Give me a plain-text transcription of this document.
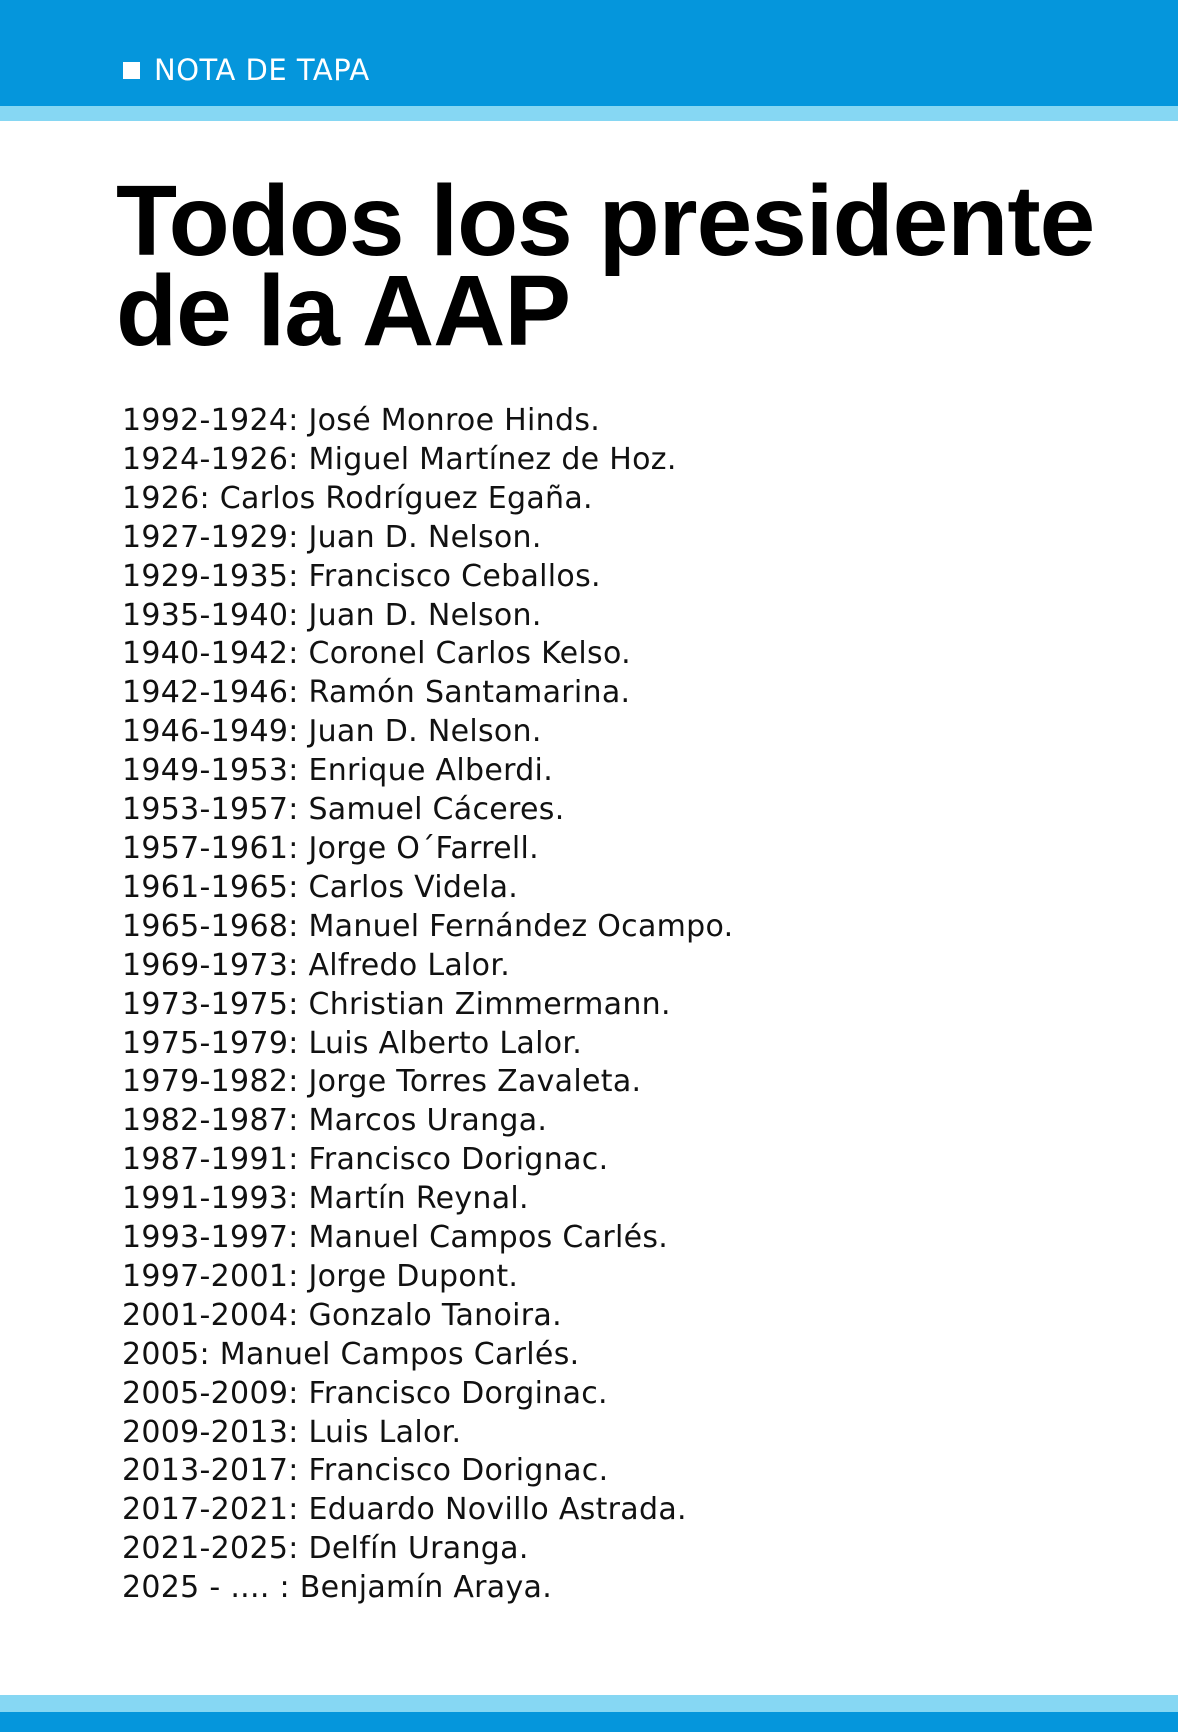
NOTA DE TAPA
Todos los presidente
de la AAP
1992-1924: José Monroe Hinds.
1924-1926: Miguel Martínez de Hoz.
1926: Carlos Rodríguez Egaña.
1927-1929: Juan D. Nelson.
1929-1935: Francisco Ceballos.
1935-1940: Juan D. Nelson.
1940-1942: Coronel Carlos Kelso.
1942-1946: Ramón Santamarina.
1946-1949: Juan D. Nelson.
1949-1953: Enrique Alberdi.
1953-1957: Samuel Cáceres.
1957-1961: Jorge O´Farrell.
1961-1965: Carlos Videla.
1965-1968: Manuel Fernández Ocampo.
1969-1973: Alfredo Lalor.
1973-1975: Christian Zimmermann.
1975-1979: Luis Alberto Lalor.
1979-1982: Jorge Torres Zavaleta.
1982-1987: Marcos Uranga.
1987-1991: Francisco Dorignac.
1991-1993: Martín Reynal.
1993-1997: Manuel Campos Carlés.
1997-2001: Jorge Dupont.
2001-2004: Gonzalo Tanoira.
2005: Manuel Campos Carlés.
2005-2009: Francisco Dorginac.
2009-2013: Luis Lalor.
2013-2017: Francisco Dorignac.
2017-2021: Eduardo Novillo Astrada.
2021-2025: Delfín Uranga.
2025 - .... : Benjamín Araya.
